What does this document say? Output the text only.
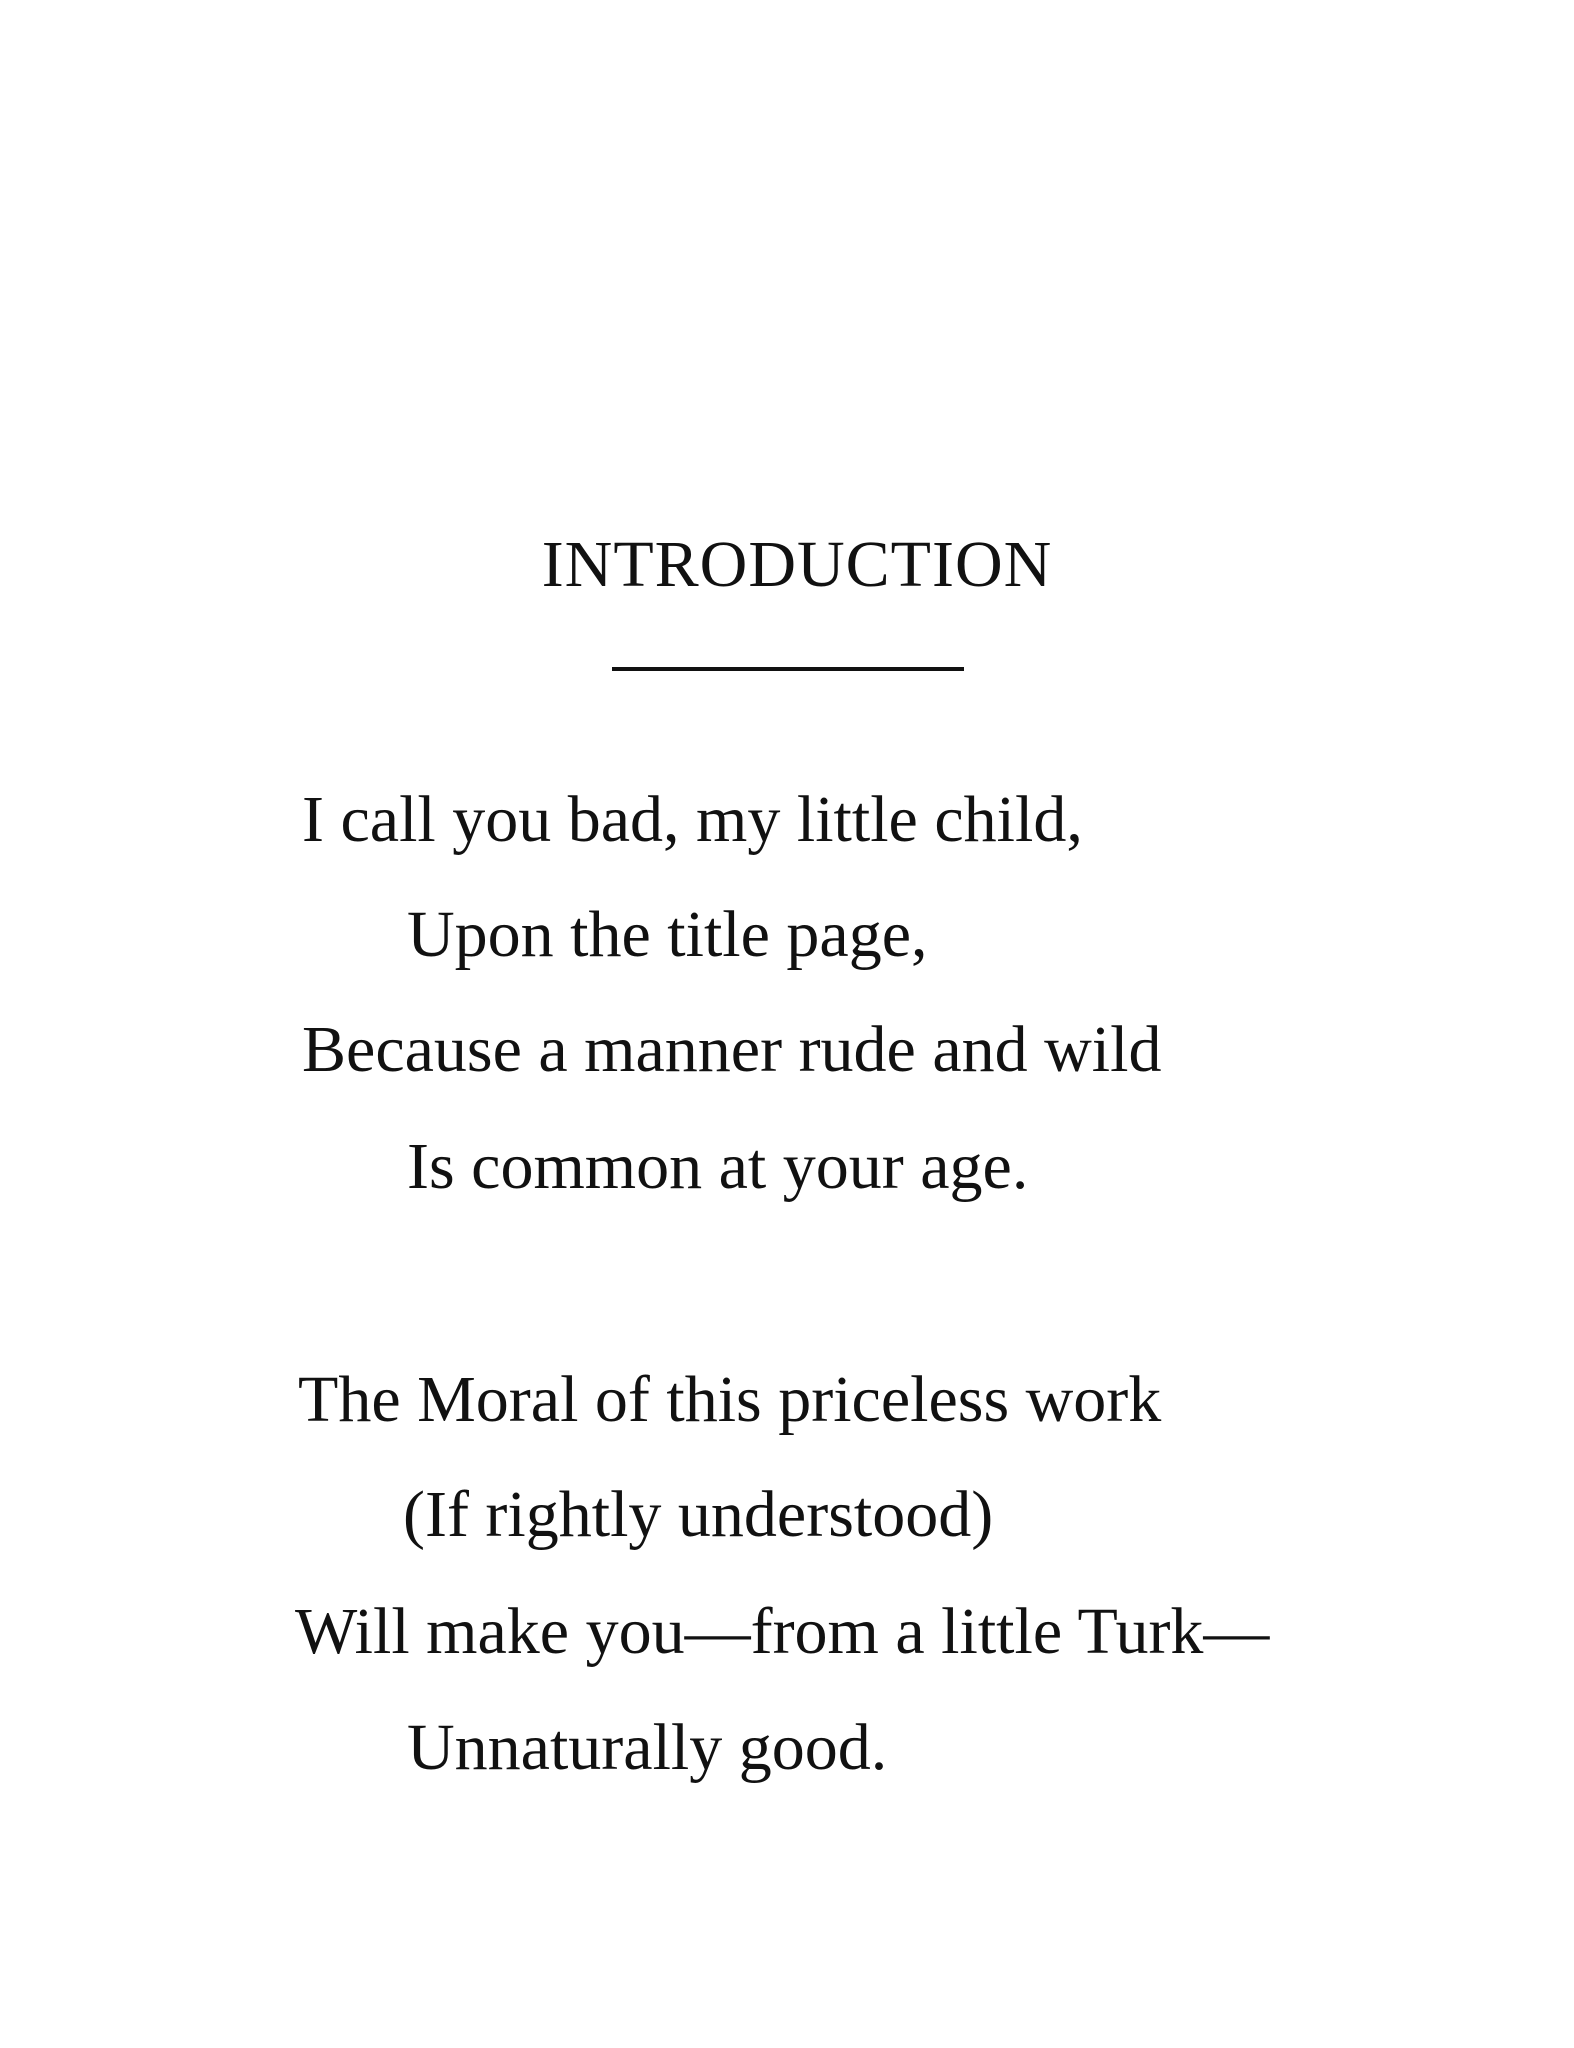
INTRODUCTION
I call you bad, my little child,
Upon the title page,
Because a manner rude and wild
Is common at your age.
The Moral of this priceless work
(If rightly understood)
Will make you—from a little Turk—
Unnaturally good.
